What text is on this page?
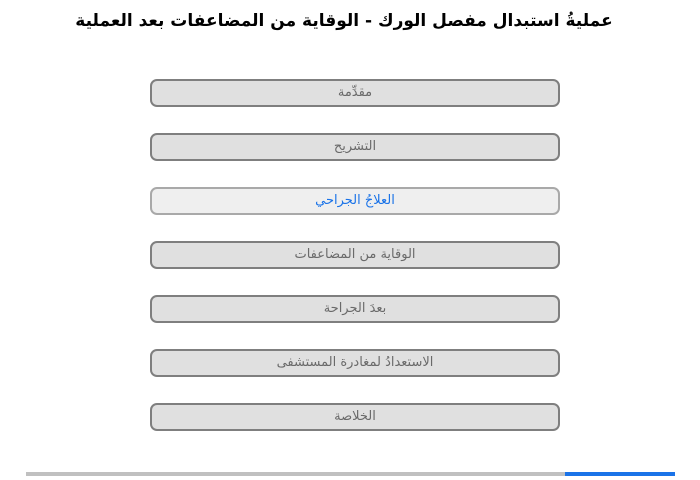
عمليةُ استبدال مفصل الورك - الوقاية من المضاعفات بعد العملية
مقدِّمة
التشريح
العلاجُ الجراحي
الوقاية من المضاعفات
بعدَ الجراحة
الاستعدادُ لمغادرة المستشفى
الخلاصة
